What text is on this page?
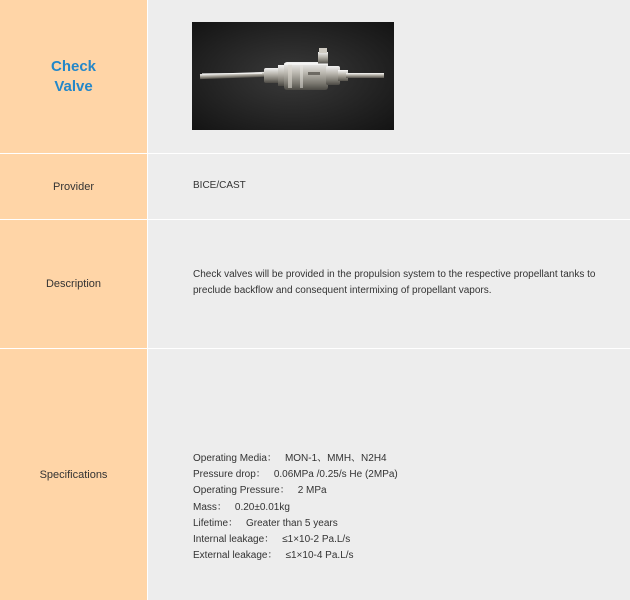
Check Valve
Provider	BICE/CAST
Description
Check valves will be provided in the propulsion system to the respective propellant tanks to preclude backflow and consequent intermixing of propellant vapors.
Specifications
Operating Media： MON-1、MMH、N2H4
Pressure drop： 0.06MPa /0.25/s He (2MPa)
Operating Pressure： 2 MPa
Mass： 0.20±0.01kg
Lifetime： Greater than 5 years
Internal leakage： ≤1×10-2 Pa.L/s
External leakage： ≤1×10-4 Pa.L/s
